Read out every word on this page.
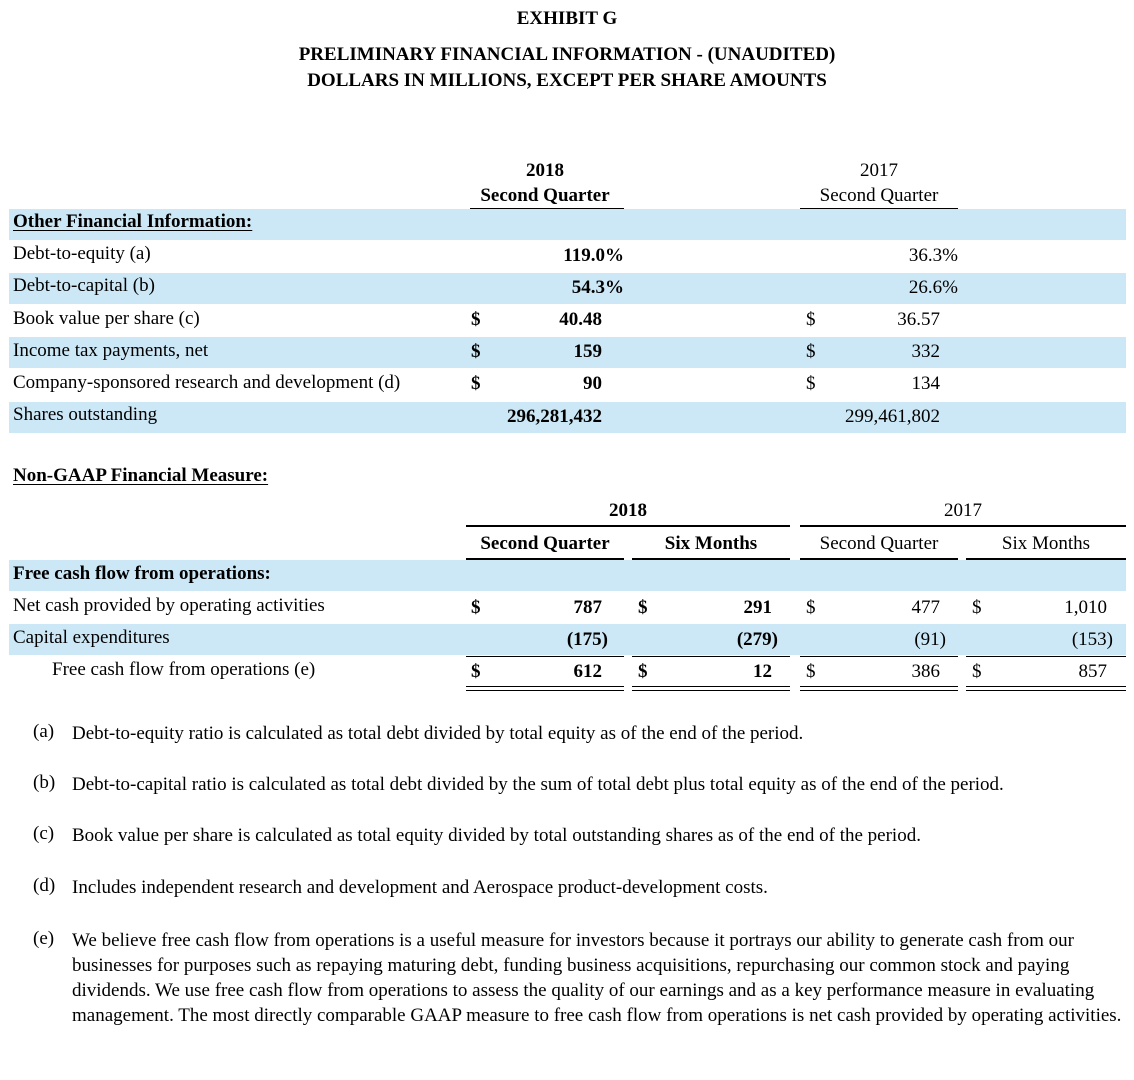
EXHIBIT G
PRELIMINARY FINANCIAL INFORMATION - (UNAUDITED)
DOLLARS IN MILLIONS, EXCEPT PER SHARE AMOUNTS
2018
Second Quarter
2017
Second Quarter
Other Financial Information:
Debt-to-equity (a)	119.0%	36.3%
Debt-to-capital (b)	54.3%	26.6%
Book value per share (c)	$	40.48	$	36.57
Income tax payments, net	$	159	$	332
Company-sponsored research and development (d)	$	90	$	134
Shares outstanding	296,281,432	299,461,802
Non-GAAP Financial Measure:
2018	2017
Second Quarter	Six Months	Second Quarter	Six Months
Free cash flow from operations:
Net cash provided by operating activities	$	787 $	291 $	477 $	1,010
Capital expenditures	(175)	(279)	(91)	(153)
Free cash flow from operations (e)	$	612 $	12 $	386 $	857
(a) Debt-to-equity ratio is calculated as total debt divided by total equity as of the end of the period.
(b) Debt-to-capital ratio is calculated as total debt divided by the sum of total debt plus total equity as of the end of the period.
(c) Book value per share is calculated as total equity divided by total outstanding shares as of the end of the period.
(d) Includes independent research and development and Aerospace product-development costs.
(e) We believe free cash flow from operations is a useful measure for investors because it portrays our ability to generate cash from our businesses for purposes such as repaying maturing debt, funding business acquisitions, repurchasing our common stock and paying dividends. We use free cash flow from operations to assess the quality of our earnings and as a key performance measure in evaluating management. The most directly comparable GAAP measure to free cash flow from operations is net cash provided by operating activities.
